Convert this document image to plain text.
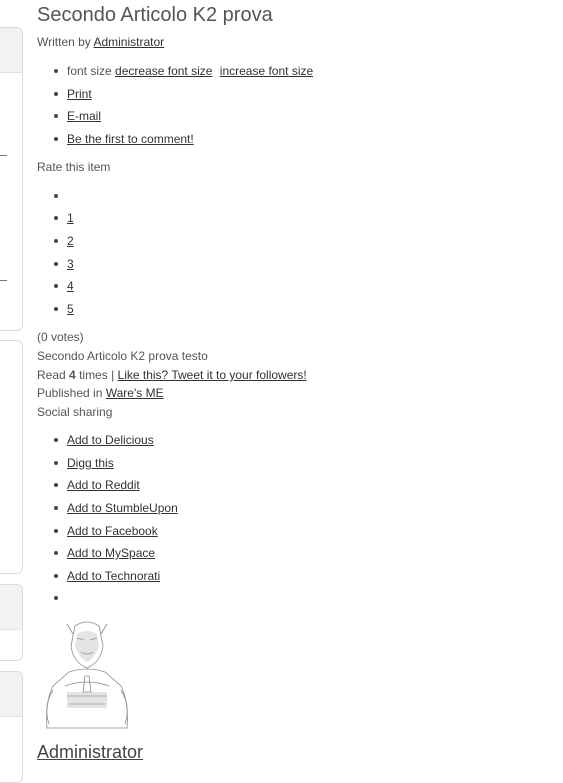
Secondo Articolo K2 prova
Written by Administrator
font size decrease font size increase font size
Print
E-mail
Be the first to comment!
Rate this item
1
2
3
4
5
(0 votes)
Secondo Articolo K2 prova testo
Read 4 times | Like this? Tweet it to your followers!
Published in Ware's ME
Social sharing
Add to Delicious
Digg this
Add to Reddit
Add to StumbleUpon
Add to Facebook
Add to MySpace
Add to Technorati
Administrator
